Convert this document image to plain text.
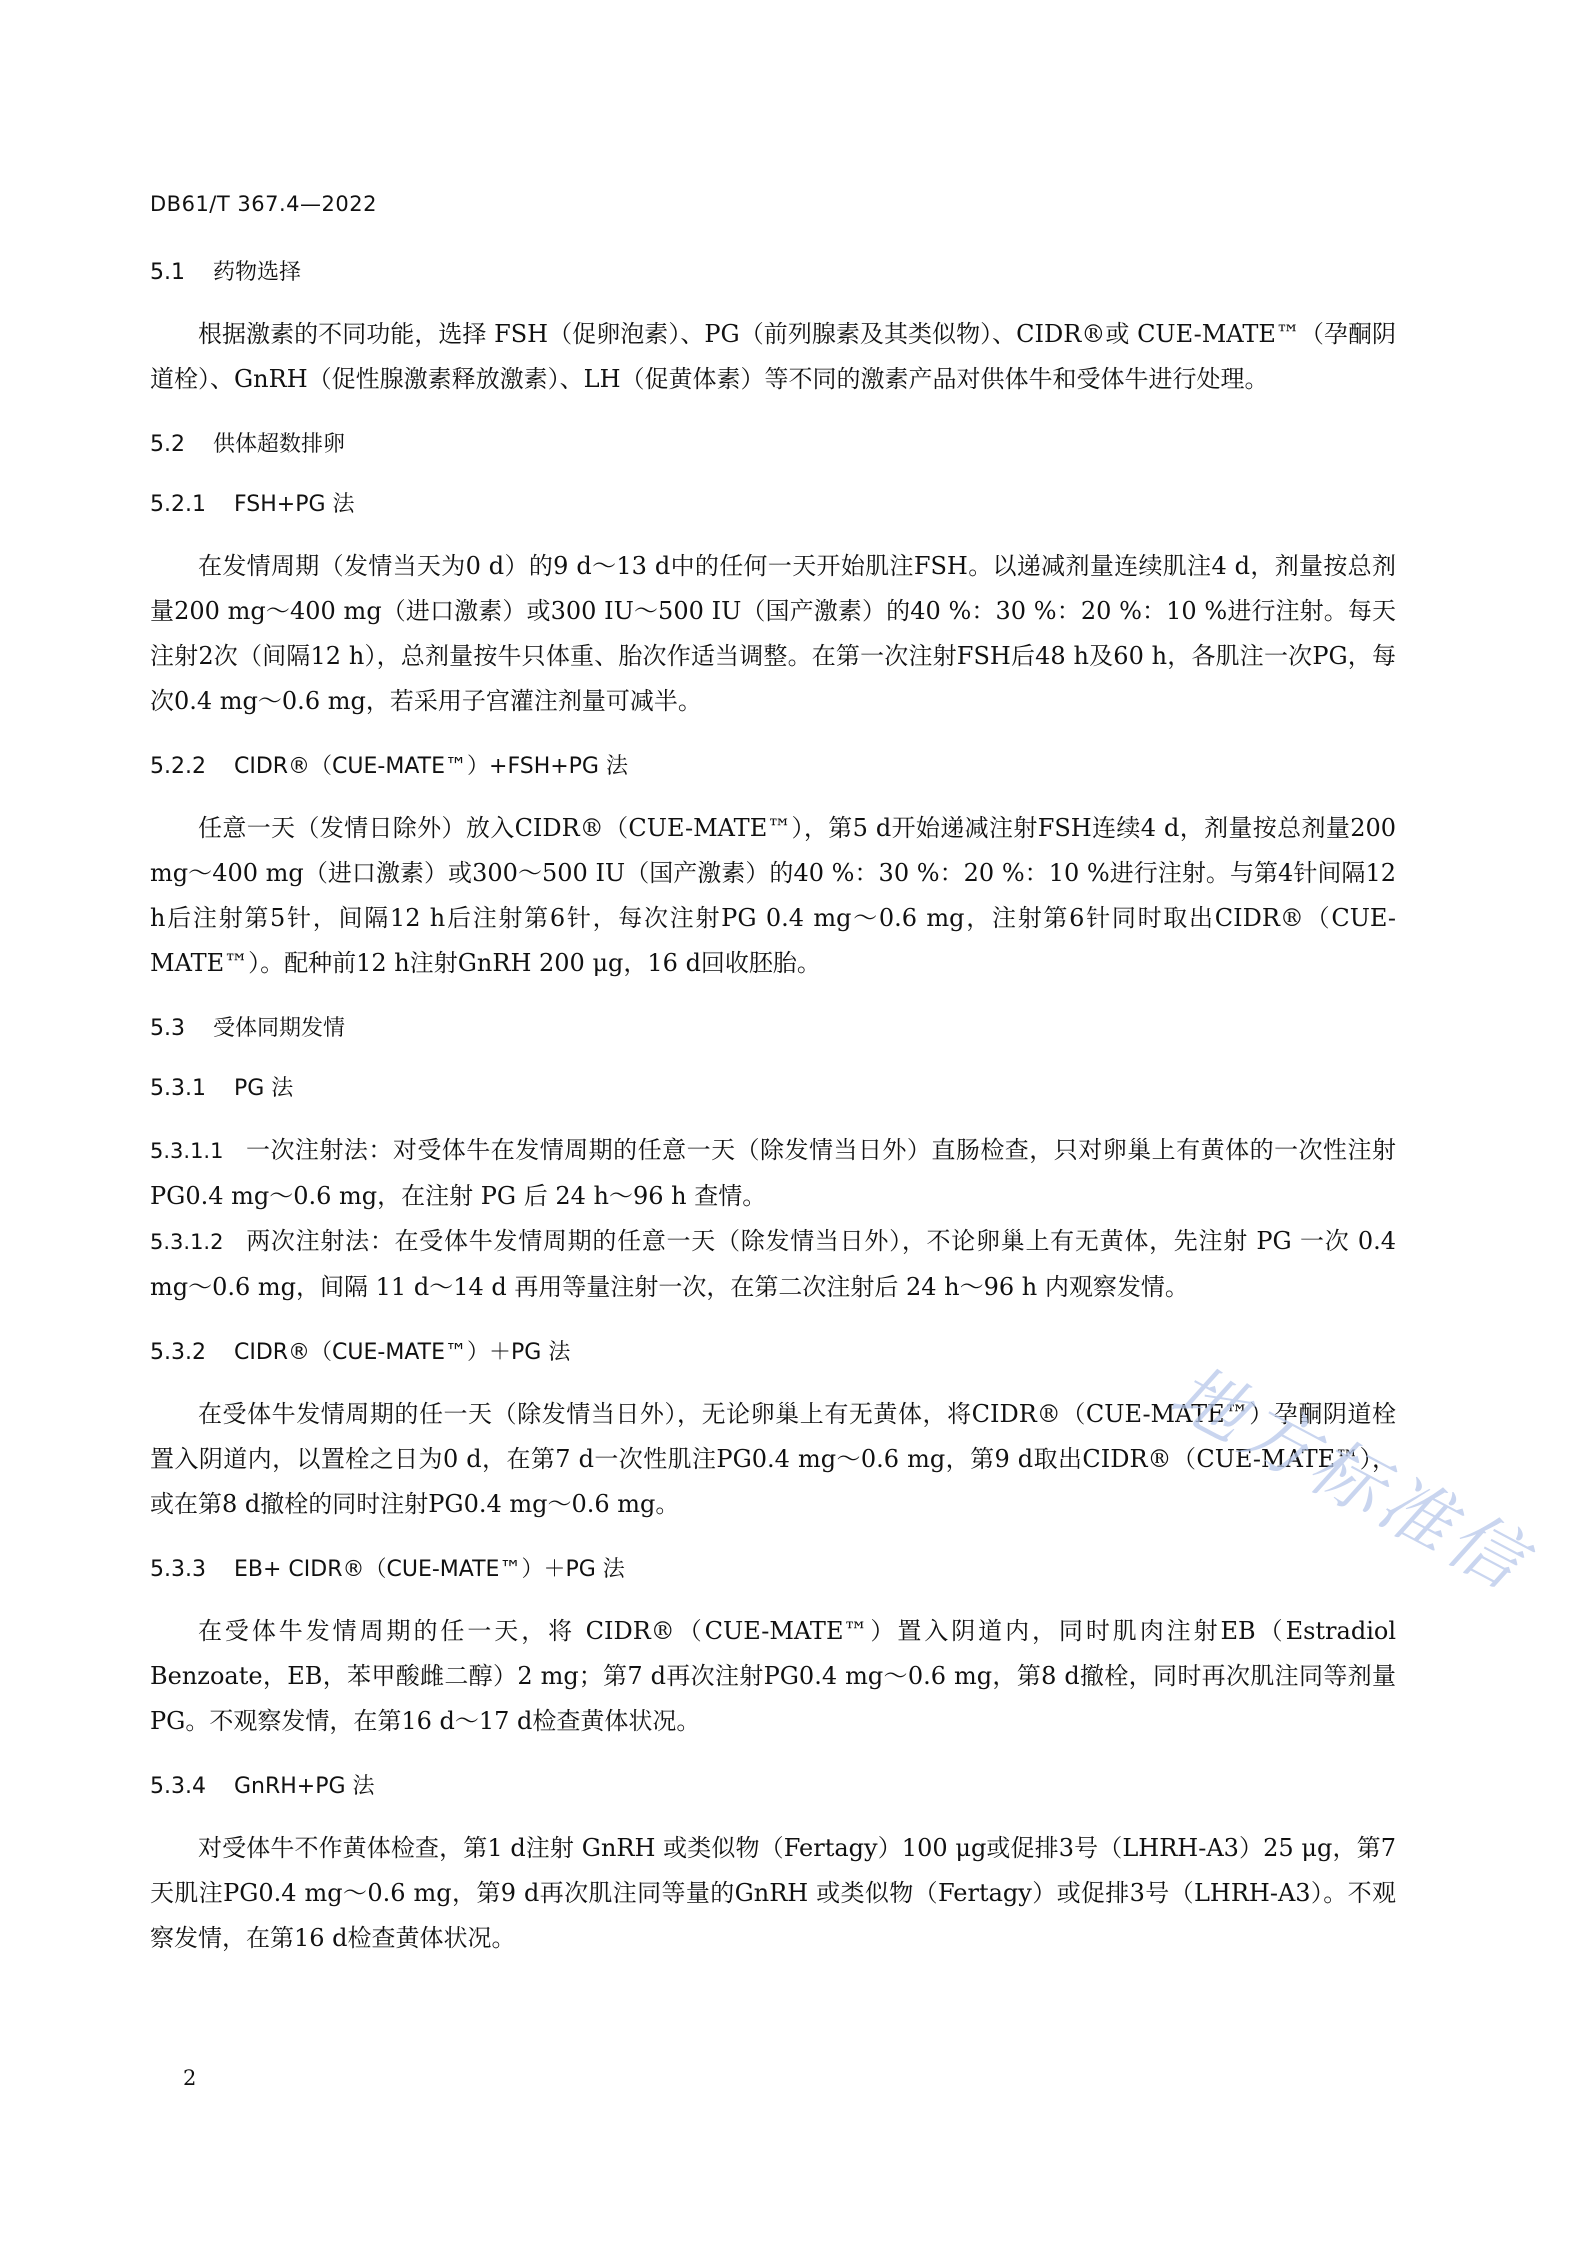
DB61/T 367.4—2022
5.1 药物选择

根据激素的不同功能，选择 FSH（促卵泡素）、PG（前列腺素及其类似物）、CIDR®或 CUE-MATE™（孕酮阴道栓）、GnRH（促性腺激素释放激素）、LH（促黄体素）等不同的激素产品对供体牛和受体牛进行处理。

5.2 供体超数排卵
5.2.1 FSH+PG 法

在发情周期（发情当天为0 d）的9 d～13 d中的任何一天开始肌注FSH。以递减剂量连续肌注4 d，剂量按总剂量200 mg～400 mg（进口激素）或300 IU～500 IU（国产激素）的40 %：30 %：20 %：10 %进行注射。每天注射2次（间隔12 h），总剂量按牛只体重、胎次作适当调整。在第一次注射FSH后48 h及60 h，各肌注一次PG，每次0.4 mg～0.6 mg，若采用子宫灌注剂量可减半。

5.2.2 CIDR®（CUE-MATE™）+FSH+PG 法

任意一天（发情日除外）放入CIDR®（CUE-MATE™），第5 d开始递减注射FSH连续4 d，剂量按总剂量200 mg～400 mg（进口激素）或300～500 IU（国产激素）的40 %：30 %：20 %：10 %进行注射。与第4针间隔12 h后注射第5针，间隔12 h后注射第6针，每次注射PG 0.4 mg～0.6 mg，注射第6针同时取出CIDR®（CUE-MATE™）。配种前12 h注射GnRH 200 μg，16 d回收胚胎。

5.3 受体同期发情
5.3.1 PG 法

5.3.1.1 一次注射法：对受体牛在发情周期的任意一天（除发情当日外）直肠检查，只对卵巢上有黄体的一次性注射 PG0.4 mg～0.6 mg，在注射 PG 后 24 h～96 h 查情。

5.3.1.2 两次注射法：在受体牛发情周期的任意一天（除发情当日外），不论卵巢上有无黄体，先注射 PG 一次 0.4 mg～0.6 mg，间隔 11 d～14 d 再用等量注射一次，在第二次注射后 24 h～96 h 内观察发情。

5.3.2 CIDR®（CUE-MATE™）＋PG 法

在受体牛发情周期的任一天（除发情当日外），无论卵巢上有无黄体，将CIDR®（CUE-MATE™）孕酮阴道栓置入阴道内，以置栓之日为0 d，在第7 d一次性肌注PG0.4 mg～0.6 mg，第9 d取出CIDR®（CUE-MATE™），或在第8 d撤栓的同时注射PG0.4 mg～0.6 mg。

5.3.3 EB+ CIDR®（CUE-MATE™）＋PG 法

在受体牛发情周期的任一天，将 CIDR®（CUE-MATE™）置入阴道内，同时肌肉注射EB（Estradiol Benzoate，EB，苯甲酸雌二醇）2 mg；第7 d再次注射PG0.4 mg～0.6 mg，第8 d撤栓，同时再次肌注同等剂量PG。不观察发情，在第16 d～17 d检查黄体状况。

5.3.4 GnRH+PG 法

对受体牛不作黄体检查，第1 d注射 GnRH 或类似物（Fertagy）100 μg或促排3号（LHRH-A3）25 μg，第7天肌注PG0.4 mg～0.6 mg，第9 d再次肌注同等量的GnRH 或类似物（Fertagy）或促排3号（LHRH-A3）。不观察发情，在第16 d检查黄体状况。

2
地方标准信
